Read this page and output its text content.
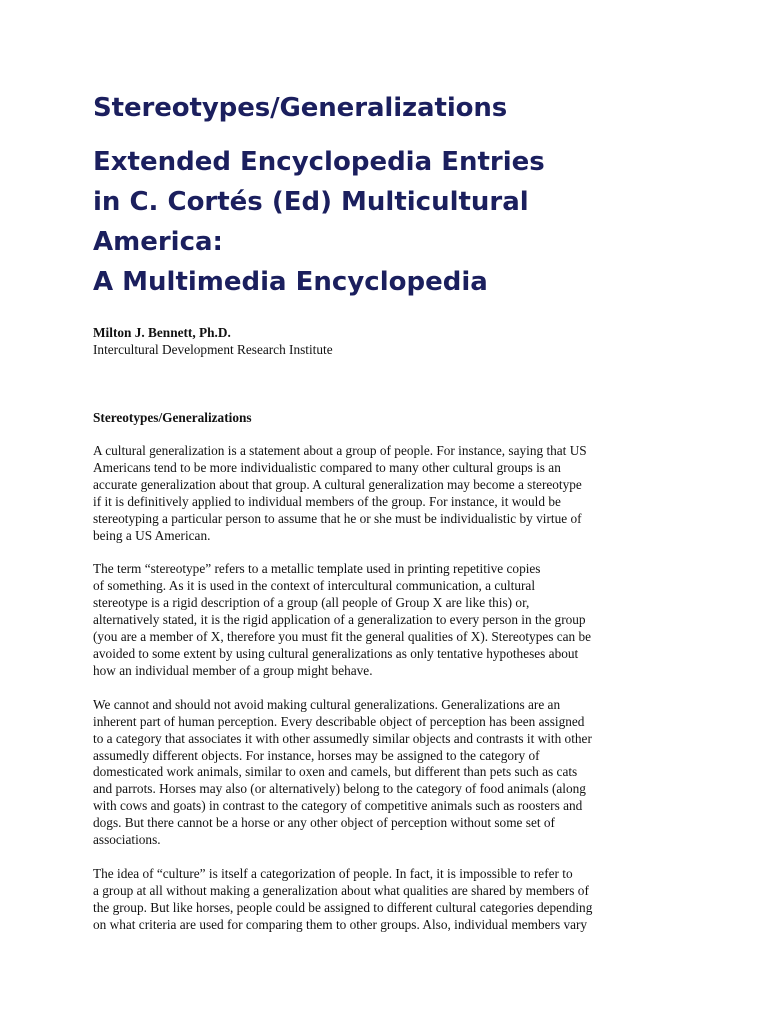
Stereotypes/Generalizations
Extended Encyclopedia Entries
in C. Cortés (Ed) Multicultural
America:
A Multimedia Encyclopedia
Milton J. Bennett, Ph.D.
Intercultural Development Research Institute
Stereotypes/Generalizations

A cultural generalization is a statement about a group of people. For instance, saying that US
Americans tend to be more individualistic compared to many other cultural groups is an
accurate generalization about that group. A cultural generalization may become a stereotype
if it is definitively applied to individual members of the group. For instance, it would be
stereotyping a particular person to assume that he or she must be individualistic by virtue of
being a US American.

The term “stereotype” refers to a metallic template used in printing repetitive copies
of something. As it is used in the context of intercultural communication, a cultural
stereotype is a rigid description of a group (all people of Group X are like this) or,
alternatively stated, it is the rigid application of a generalization to every person in the group
(you are a member of X, therefore you must fit the general qualities of X). Stereotypes can be
avoided to some extent by using cultural generalizations as only tentative hypotheses about
how an individual member of a group might behave.

We cannot and should not avoid making cultural generalizations. Generalizations are an
inherent part of human perception. Every describable object of perception has been assigned
to a category that associates it with other assumedly similar objects and contrasts it with other
assumedly different objects. For instance, horses may be assigned to the category of
domesticated work animals, similar to oxen and camels, but different than pets such as cats
and parrots. Horses may also (or alternatively) belong to the category of food animals (along
with cows and goats) in contrast to the category of competitive animals such as roosters and
dogs. But there cannot be a horse or any other object of perception without some set of
associations.

The idea of “culture” is itself a categorization of people. In fact, it is impossible to refer to
a group at all without making a generalization about what qualities are shared by members of
the group. But like horses, people could be assigned to different cultural categories depending
on what criteria are used for comparing them to other groups. Also, individual members vary
